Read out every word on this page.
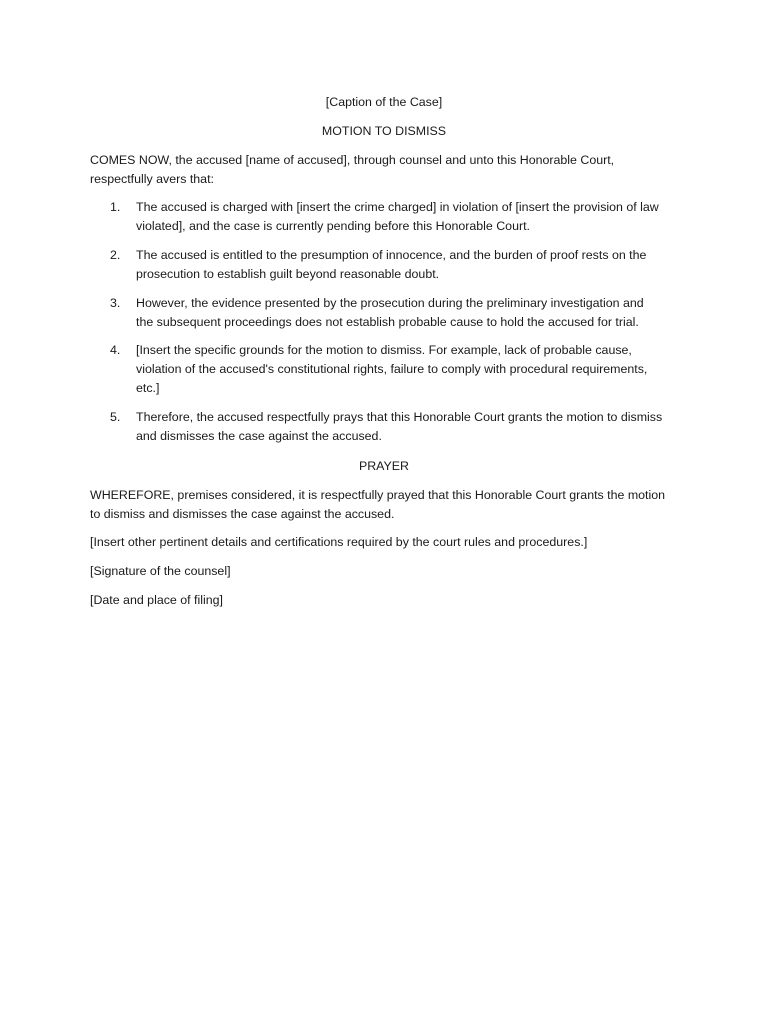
[Caption of the Case]
MOTION TO DISMISS
COMES NOW, the accused [name of accused], through counsel and unto this Honorable Court,
respectfully avers that:
1.	The accused is charged with [insert the crime charged] in violation of [insert the provision of law
violated], and the case is currently pending before this Honorable Court.
2.	The accused is entitled to the presumption of innocence, and the burden of proof rests on the
prosecution to establish guilt beyond reasonable doubt.
3.	However, the evidence presented by the prosecution during the preliminary investigation and
the subsequent proceedings does not establish probable cause to hold the accused for trial.
4.	[Insert the specific grounds for the motion to dismiss. For example, lack of probable cause,
violation of the accused's constitutional rights, failure to comply with procedural requirements,
etc.]
5.	Therefore, the accused respectfully prays that this Honorable Court grants the motion to dismiss
and dismisses the case against the accused.
PRAYER
WHEREFORE, premises considered, it is respectfully prayed that this Honorable Court grants the motion
to dismiss and dismisses the case against the accused.
[Insert other pertinent details and certifications required by the court rules and procedures.]
[Signature of the counsel]
[Date and place of filing]
